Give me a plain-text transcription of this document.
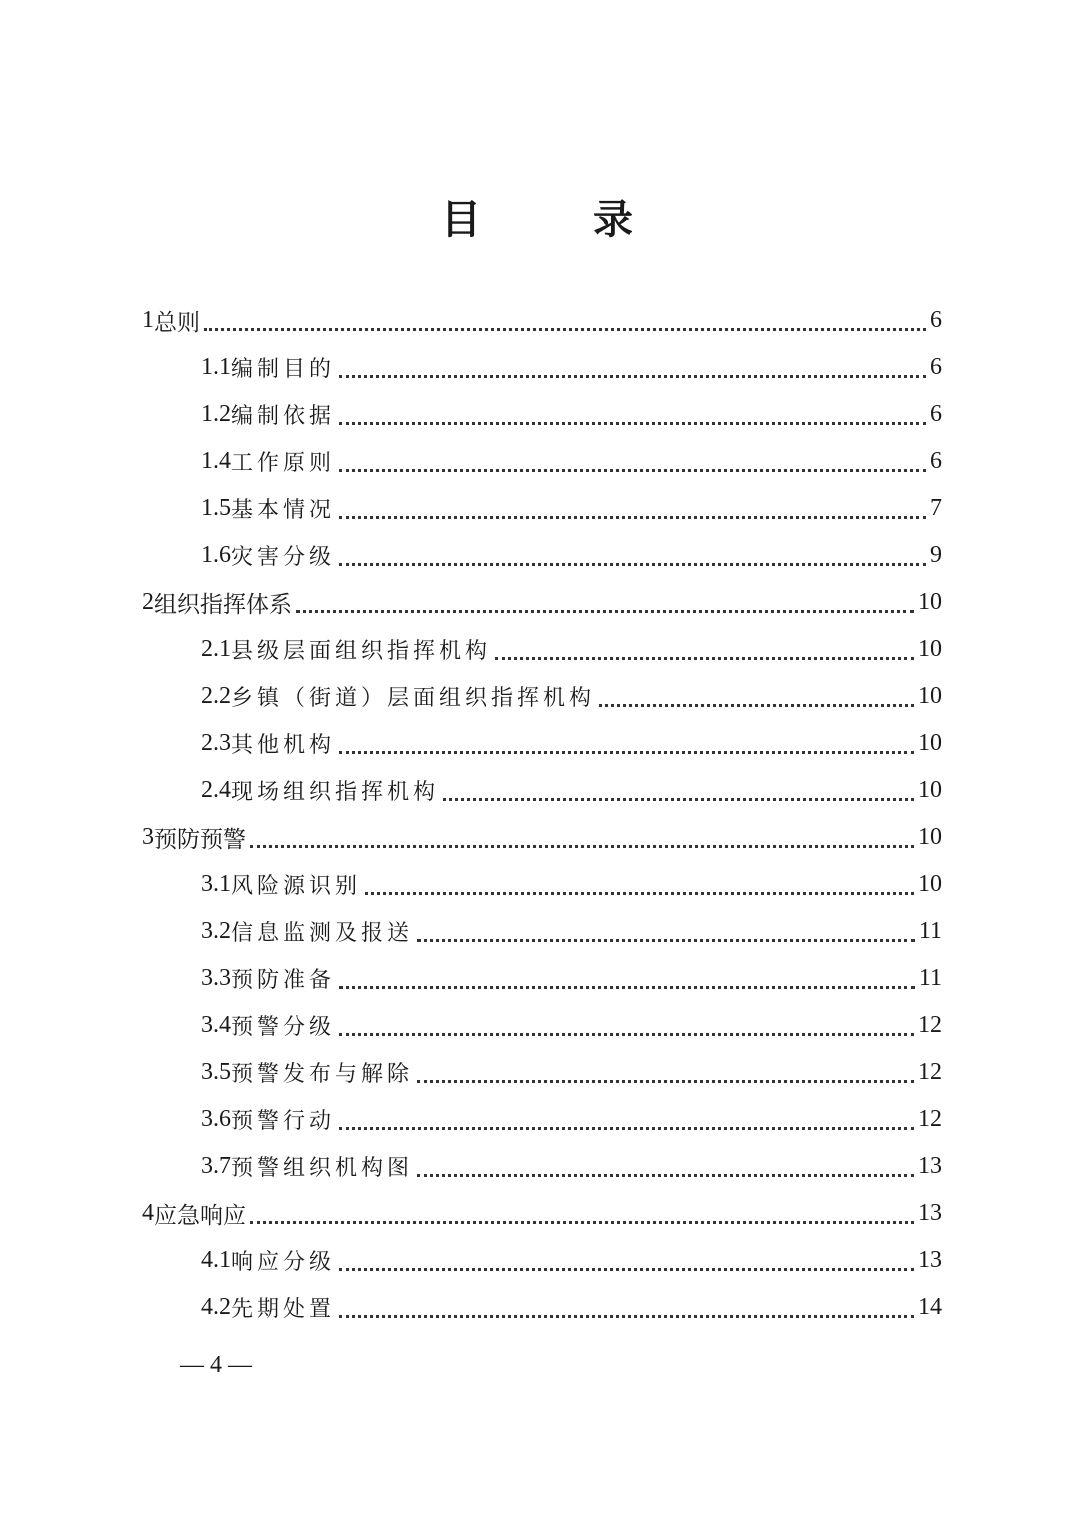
目　录
1 总则	6
1.1 编制目的	6
1.2 编制依据	6
1.4 工作原则	6
1.5 基本情况	7
1.6 灾害分级	9
2 组织指挥体系	10
2.1 县级层面组织指挥机构	10
2.2 乡镇（街道）层面组织指挥机构	10
2.3 其他机构	10
2.4 现场组织指挥机构	10
3 预防预警	10
3.1 风险源识别	10
3.2 信息监测及报送	11
3.3 预防准备	11
3.4 预警分级	12
3.5 预警发布与解除	12
3.6 预警行动	12
3.7 预警组织机构图	13
4 应急响应	13
4.1 响应分级	13
4.2 先期处置	14
— 4 —
